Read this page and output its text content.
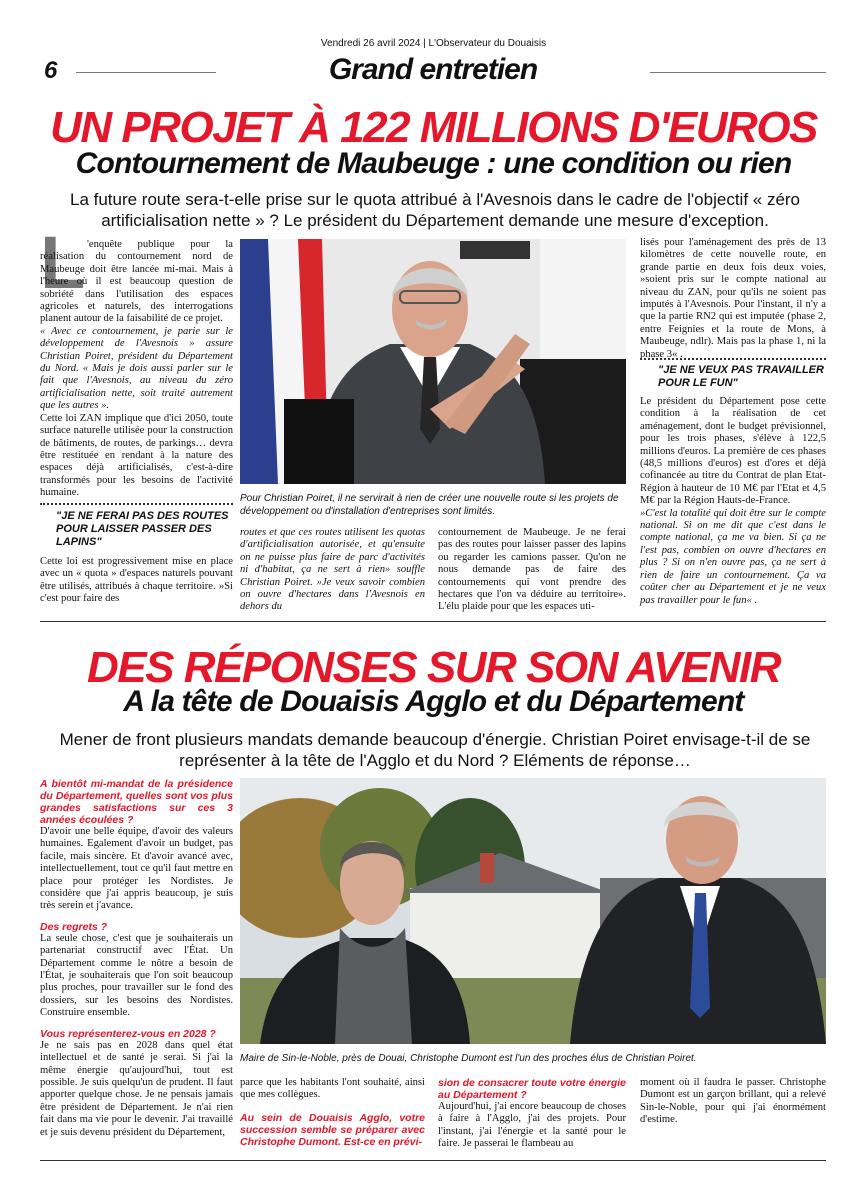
Vendredi 26 avril 2024 | L'Observateur du Douaisis
6	Grand entretien
UN PROJET À 122 MILLIONS D'EUROS
Contournement de Maubeuge : une condition ou rien
La future route sera-t-elle prise sur le quota attribué à l'Avesnois dans le cadre de l'objectif « zéro artificialisation nette » ? Le président du Département demande une mesure d'exception.
L 'enquête publique pour la réalisation du contournement nord de Maubeuge doit être lancée mi-mai. Mais à l'heure où il est beaucoup question de sobriété dans l'utilisation des espaces agricoles et naturels, des interrogations planent autour de la faisabilité de ce projet.

« Avec ce contournement, je parie sur le développement de l'Avesnois » assure Christian Poiret, président du Département du Nord. « Mais je dois aussi parler sur le fait que l'Avesnois, au niveau du zéro artificialisation nette, soit traité autrement que les autres ».

Cette loi ZAN implique que d'ici 2050, toute surface naturelle utilisée pour la construction de bâtiments, de routes, de parkings… devra être restituée en rendant à la nature des espaces déjà artificialisés, c'est-à-dire transformés pour les besoins de l'activité humaine.

"JE NE FERAI PAS DES ROUTES POUR LAISSER PASSER DES LAPINS"
Cette loi est progressivement mise en place avec un « quota » d'espaces naturels pouvant être utilisés, attribués à chaque territoire. »Si c'est pour faire des
Pour Christian Poiret, il ne servirait à rien de créer une nouvelle route si les projets de développement ou d'installation d'entreprises sont limités.
routes et que ces routes utilisent les quotas d'artificialisation autorisée, et qu'ensuite on ne puisse plus faire de parc d'activités ni d'habitat, ça ne sert à rien» souffle Christian Poiret. »Je veux savoir combien on ouvre d'hectares dans l'Avesnois en dehors du
contournement de Maubeuge. Je ne ferai pas des routes pour laisser passer des lapins ou regarder les camions passer. Qu'on ne nous demande pas de faire des contournements qui vont prendre des hectares que l'on va déduire au territoire». L'élu plaide pour que les espaces uti-

lisés pour l'aménagement des près de 13 kilomètres de cette nouvelle route, en grande partie en deux fois deux voies, »soient pris sur le compte national au niveau du ZAN, pour qu'ils ne soient pas imputés à l'Avesnois. Pour l'instant, il n'y a que la partie RN2 qui est imputée (phase 2, entre Feignies et la route de Mons, à Maubeuge, ndlr). Mais pas la phase 1, ni la phase 3« .

"JE NE VEUX PAS TRAVAILLER POUR LE FUN"

Le président du Département pose cette condition à la réalisation de cet aménagement, dont le budget prévisionnel, pour les trois phases, s'élève à 122,5 millions d'euros. La première de ces phases (48,5 millions d'euros) est d'ores et déjà cofinancée au titre du Contrat de plan Etat-Région à hauteur de 10 M€ par l'Etat et 4,5 M€ par la Région Hauts-de-France.

»C'est la totalité qui doit être sur le compte national. Si on me dit que c'est dans le compte national, ça me va bien. Si ça ne l'est pas, combien on ouvre d'hectares en plus ? Si on n'en ouvre pas, ça ne sert à rien de faire un contournement. Ça va coûter cher au Département et je ne veux pas travailler pour le fun« .

DES RÉPONSES SUR SON AVENIR
A la tête de Douaisis Agglo et du Département
Mener de front plusieurs mandats demande beaucoup d'énergie. Christian Poiret envisage-t-il de se représenter à la tête de l'Agglo et du Nord ? Eléments de réponse…

A bientôt mi-mandat de la présidence du Département, quelles sont vos plus grandes satisfactions sur ces 3 années écoulées ?

D'avoir une belle équipe, d'avoir des valeurs humaines. Egalement d'avoir un budget, pas facile, mais sincère. Et d'avoir avancé avec, intellectuellement, tout ce qu'il faut mettre en place pour protéger les Nordistes. Je considère que j'ai appris beaucoup, je suis très serein et j'avance.

Des regrets ?

La seule chose, c'est que je souhaiterais un partenariat constructif avec l'État. Un Département comme le nôtre a besoin de l'État, je souhaiterais que l'on soit beaucoup plus proches, pour travailler sur le fond des dossiers, sur les besoins des Nordistes. Construire ensemble.

Vous représenterez-vous en 2028 ?

Je ne sais pas en 2028 dans quel état intellectuel et de santé je serai. Si j'ai la même énergie qu'aujourd'hui, tout est possible. Je suis quelqu'un de prudent. Il faut apporter quelque chose. Je ne pensais jamais être président de Département. Je n'ai rien fait dans ma vie pour le devenir. J'ai travaillé et je suis devenu président du Département,

Maire de Sin-le-Noble, près de Douai, Christophe Dumont est l'un des proches élus de Christian Poiret.

parce que les habitants l'ont souhaité, ainsi que mes collègues.

Au sein de Douaisis Agglo, votre succession semble se préparer avec Christophe Dumont. Est-ce en prévi-

sion de consacrer toute votre énergie au Département ?

Aujourd'hui, j'ai encore beaucoup de choses à faire à l'Agglo, j'ai des projets. Pour l'instant, j'ai l'énergie et la santé pour le faire. Je passerai le flambeau au

moment où il faudra le passer. Christophe Dumont est un garçon brillant, qui a relevé Sin-le-Noble, pour qui j'ai énormément d'estime.
